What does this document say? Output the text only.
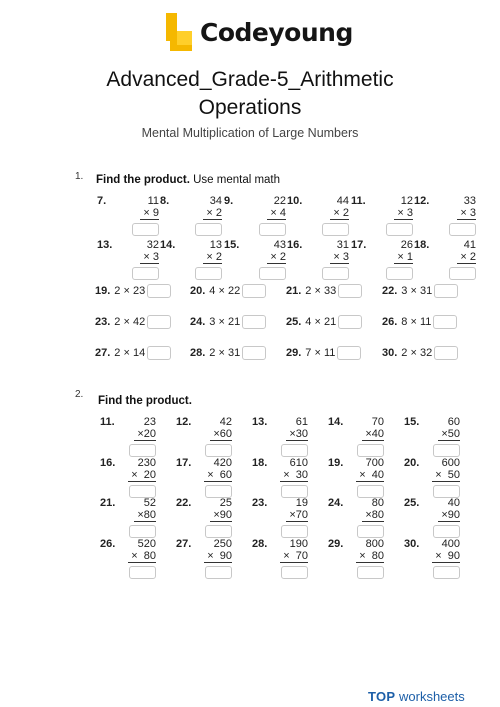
Codeyoung
Advanced_Grade-5_Arithmetic
Operations
Mental Multiplication of Large Numbers
1. Find the product. Use mental math
7.	11
× 9
8.	34
× 2
9.	22
× 4
10.	44
× 2
11.	12
× 3
12.	33
× 3
13.	32
× 3
14.	13
× 2
15.	43
× 2
16.	31
× 3
17.	26
× 1
18.	41
× 2
19. 2 × 23	20. 4 × 22	21. 2 × 33	22. 3 × 31
23. 2 × 42	24. 3 × 21	25. 4 × 21	26. 8 × 11
27. 2 × 14	28. 2 × 31	29. 7 × 11	30. 2 × 32
2.
Find the product.
11.	23
×20
12.	42
×60
13.	61
×30
14.	70
×40
15.	60
×50
16. 230
×  20
17. 420
×  60
18. 610
×  30
19. 700
×  40
20. 600
×  50
21.	52
×80
22.	25
×90
23.	19
×70
24.	80
×80
25.	40
×90
26. 520
×  80
27. 250
×  90
28. 190
×  70
29. 800
×  80
30. 400
×  90
TOP worksheets
